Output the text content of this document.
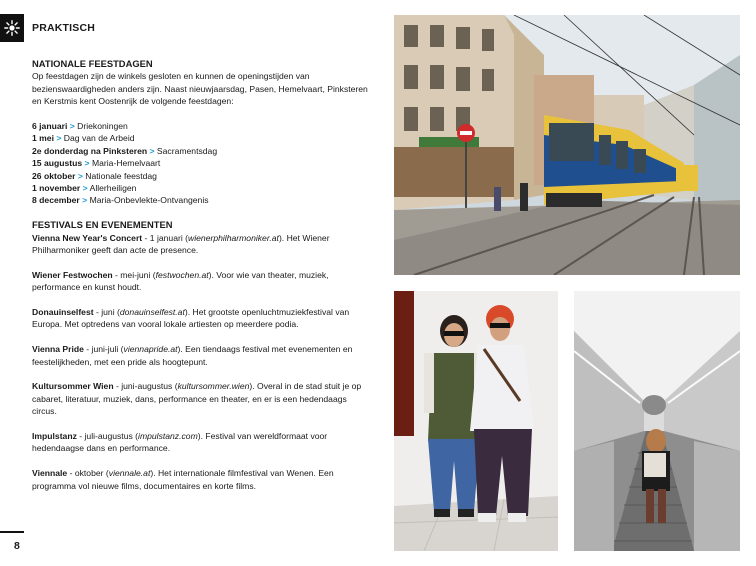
PRAKTISCH
NATIONALE FEESTDAGEN

Op feestdagen zijn de winkels gesloten en kunnen de openingstijden van bezienswaardigheden anders zijn. Naast nieuwjaarsdag, Pasen, Hemelvaart, Pinksteren en Kerstmis kent Oostenrijk de volgende feestdagen:

6 januari > Driekoningen
1 mei > Dag van de Arbeid
2e donderdag na Pinksteren > Sacramentsdag
15 augustus > Maria-Hemelvaart
26 oktober > Nationale feestdag
1 november > Allerheiligen
8 december > Maria-Onbevlekte-Ontvangenis
FESTIVALS EN EVENEMENTEN

Vienna New Year's Concert - 1 januari (wienerphilharmoniker.at). Het Wiener Philharmoniker geeft dan acte de presence.

Wiener Festwochen - mei-juni (festwochen.at). Voor wie van theater, muziek, performance en kunst houdt.

Donauinselfest - juni (donauinselfest.at). Het grootste openluchtmuziekfestival van Europa. Met optredens van vooral lokale artiesten op meerdere podia.

Vienna Pride - juni-juli (viennapride.at). Een tiendaags festival met evenementen en feestelijkheden, met een pride als hoogtepunt.

Kultursommer Wien - juni-augustus (kultursommer.wien). Overal in de stad stuit je op cabaret, literatuur, muziek, dans, performance en theater, en er is een hedendaags circus.

Impulstanz - juli-augustus (impulstanz.com). Festival van wereldformaat voor hedendaagse dans en performance.

Viennale - oktober (viennale.at). Het internationale filmfestival van Wenen. Een programma vol nieuwe films, documentaires en korte films.

8
